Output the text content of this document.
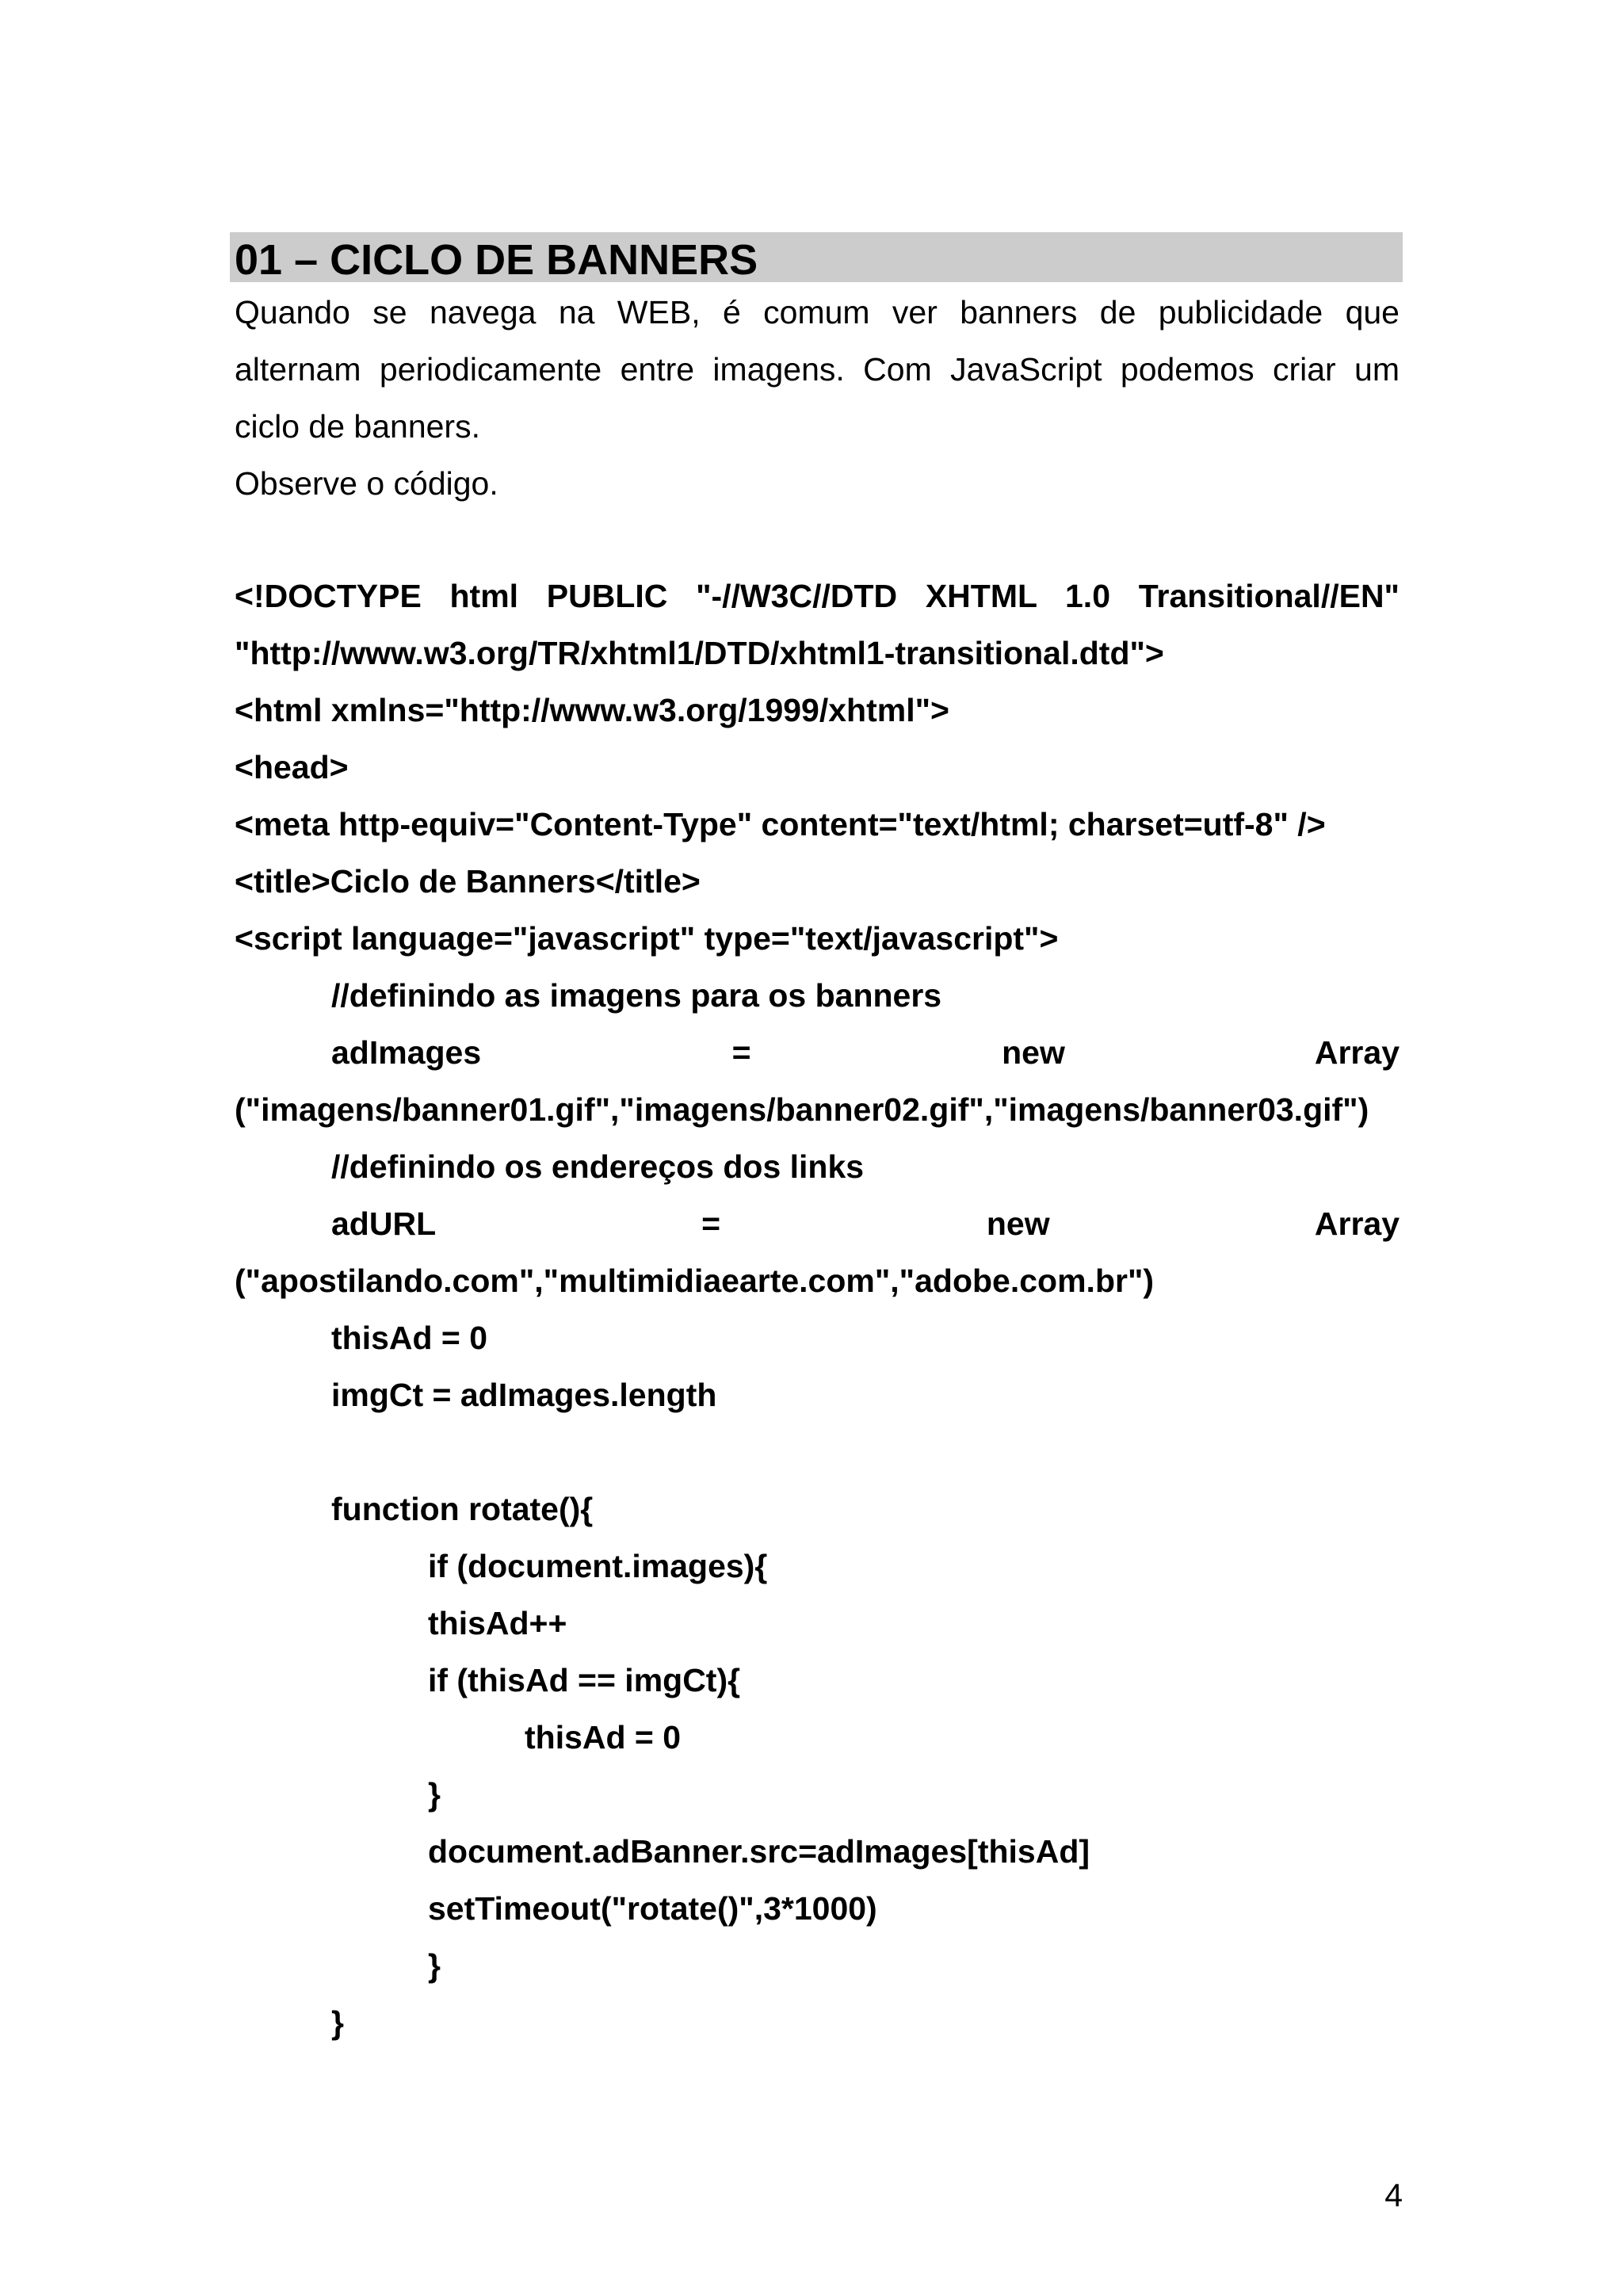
01 – CICLO DE BANNERS
Quando se navega na WEB, é comum ver banners de publicidade que
alternam periodicamente entre imagens. Com JavaScript podemos criar um
ciclo de banners.
Observe o código.
<!DOCTYPE html PUBLIC "-//W3C//DTD XHTML 1.0 Transitional//EN"
"http://www.w3.org/TR/xhtml1/DTD/xhtml1-transitional.dtd">
<html xmlns="http://www.w3.org/1999/xhtml">
<head>
<meta http-equiv="Content-Type" content="text/html; charset=utf-8" />
<title>Ciclo de Banners</title>
<script language="javascript" type="text/javascript">
//definindo as imagens para os banners
adImages = new Array
("imagens/banner01.gif","imagens/banner02.gif","imagens/banner03.gif")
//definindo os endereços dos links
adURL = new Array
("apostilando.com","multimidiaearte.com","adobe.com.br")
thisAd = 0
imgCt = adImages.length
function rotate(){
if (document.images){
thisAd++
if (thisAd == imgCt){
thisAd = 0
}
document.adBanner.src=adImages[thisAd]
setTimeout("rotate()",3*1000)
}
}
4
